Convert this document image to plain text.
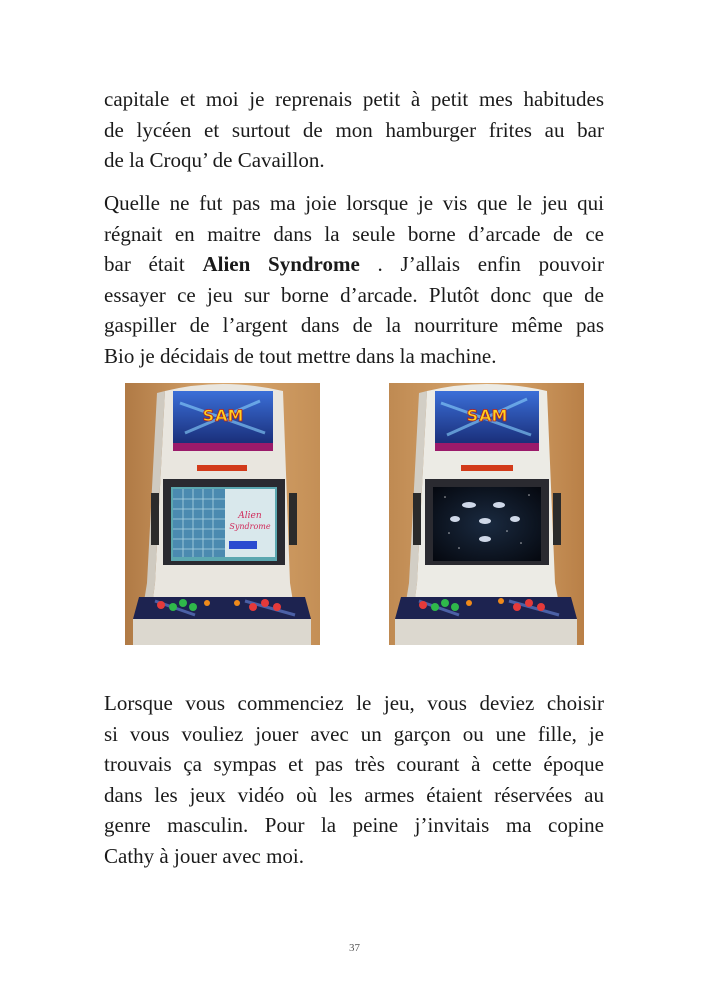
capitale et moi je reprenais petit à petit mes habitudes
de lycéen et surtout de mon hamburger frites au bar
de la Croqu’ de Cavaillon.
Quelle ne fut pas ma joie lorsque je vis que le jeu qui
régnait en maitre dans la seule borne d’arcade de ce
bar était Alien Syndrome . J’allais enfin pouvoir
essayer ce jeu sur borne d’arcade. Plutôt donc que de
gaspiller de l’argent dans de la nourriture même pas
Bio je décidais de tout mettre dans la machine.
SAM
Alien
Syndrome
SAM
Lorsque vous commenciez le jeu, vous deviez choisir
si vous vouliez jouer avec un garçon ou une fille, je
trouvais ça sympas et pas très courant à cette époque
dans les jeux vidéo où les armes étaient réservées au
genre masculin. Pour la peine j’invitais ma copine
Cathy à jouer avec moi.
37
